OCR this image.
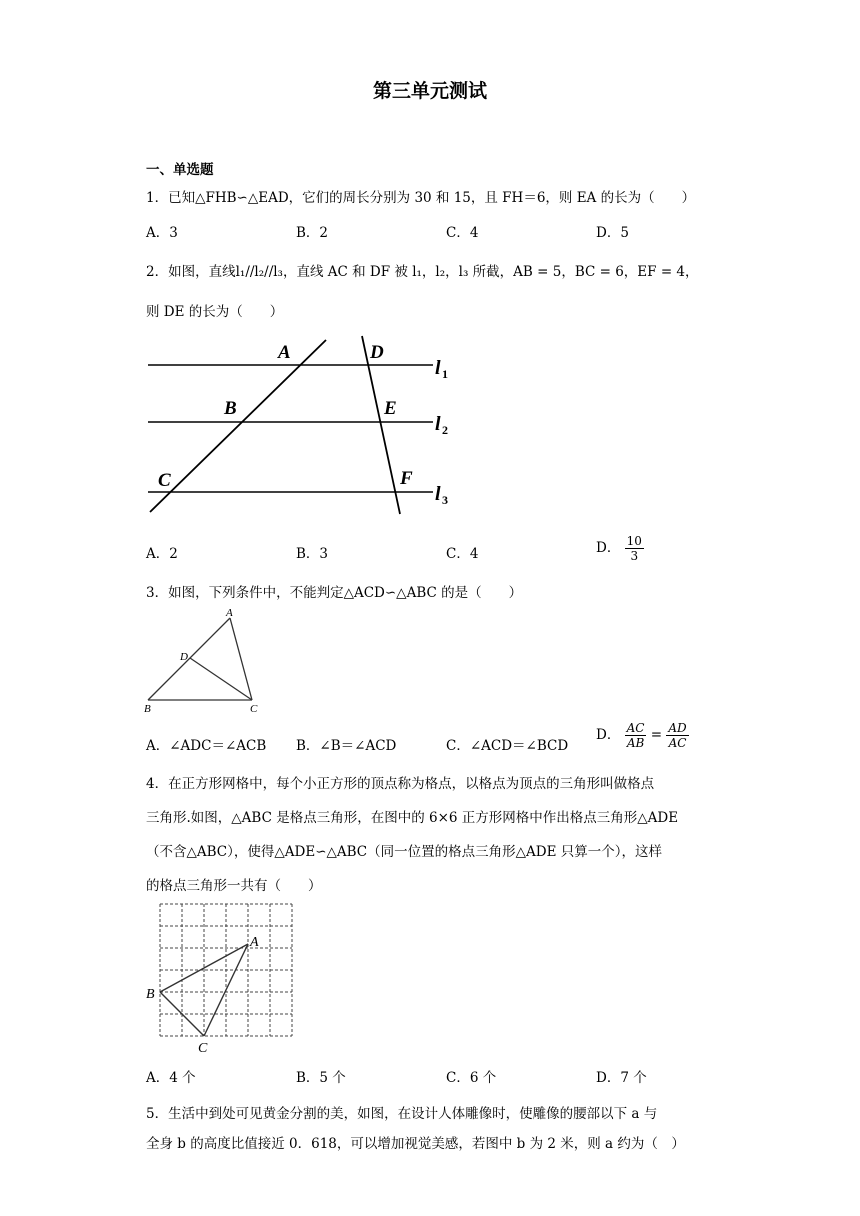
第三单元测试
一、单选题
1．已知△FHB∽△EAD，它们的周长分别为 30 和 15，且 FH＝6，则 EA 的长为（　　）
A．3	B．2	C．4	D．5
2．如图，直线l₁//l₂//l₃，直线 AC 和 DF 被 l₁，l₂，l₃ 所截，AB = 5，BC = 6，EF = 4，
则 DE 的长为（　　）
A	D
B	E
C	F
l 1
l 2
l 3
A．2	B．3	C．4	D． $\frac{10}{3}$
3．如图，下列条件中，不能判定△ACD∽△ABC 的是（　　）
A
D
B	C
A．∠ADC＝∠ACB B．∠B＝∠ACD	C．∠ACD＝∠BCD
D． $\frac{AC}{AB} = \frac{AD}{AC}$
4．在正方形网格中，每个小正方形的顶点称为格点，以格点为顶点的三角形叫做格点
三角形.如图，△ABC 是格点三角形，在图中的 6×6 正方形网格中作出格点三角形△ADE
（不含△ABC），使得△ADE∽△ABC（同一位置的格点三角形△ADE 只算一个），这样
的格点三角形一共有（　　）
A
B
C
A．4 个	B．5 个	C．6 个	D．7 个
5．生活中到处可见黄金分割的美，如图，在设计人体雕像时，使雕像的腰部以下 a 与
全身 b 的高度比值接近 0．618，可以增加视觉美感，若图中 b 为 2 米，则 a 约为（　）
